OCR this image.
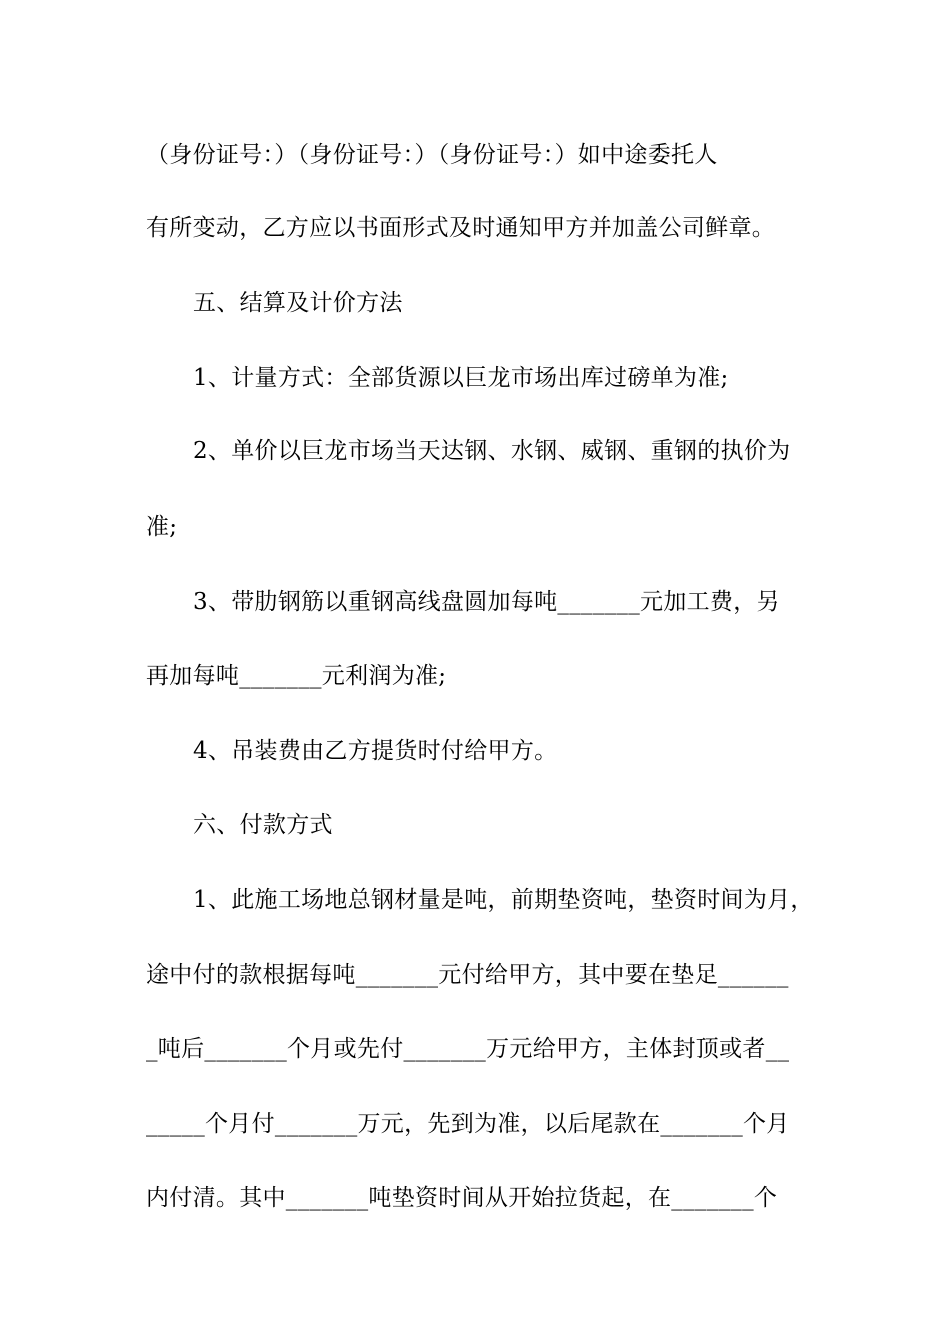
（身份证号：）（身份证号：）（身份证号：）如中途委托人
有所变动，乙方应以书面形式及时通知甲方并加盖公司鲜章。
五、结算及计价方法
1、计量方式：全部货源以巨龙市场出库过磅单为准;
2、单价以巨龙市场当天达钢、水钢、威钢、重钢的执价为
准;
3、带肋钢筋以重钢高线盘圆加每吨_______元加工费，另
再加每吨_______元利润为准;
4、吊装费由乙方提货时付给甲方。
六、付款方式
1、此施工场地总钢材量是吨，前期垫资吨，垫资时间为月，
途中付的款根据每吨_______元付给甲方，其中要在垫足______
_吨后_______个月或先付_______万元给甲方，主体封顶或者__
_____个月付_______万元，先到为准，以后尾款在_______个月
内付清。其中_______吨垫资时间从开始拉货起，在_______个
